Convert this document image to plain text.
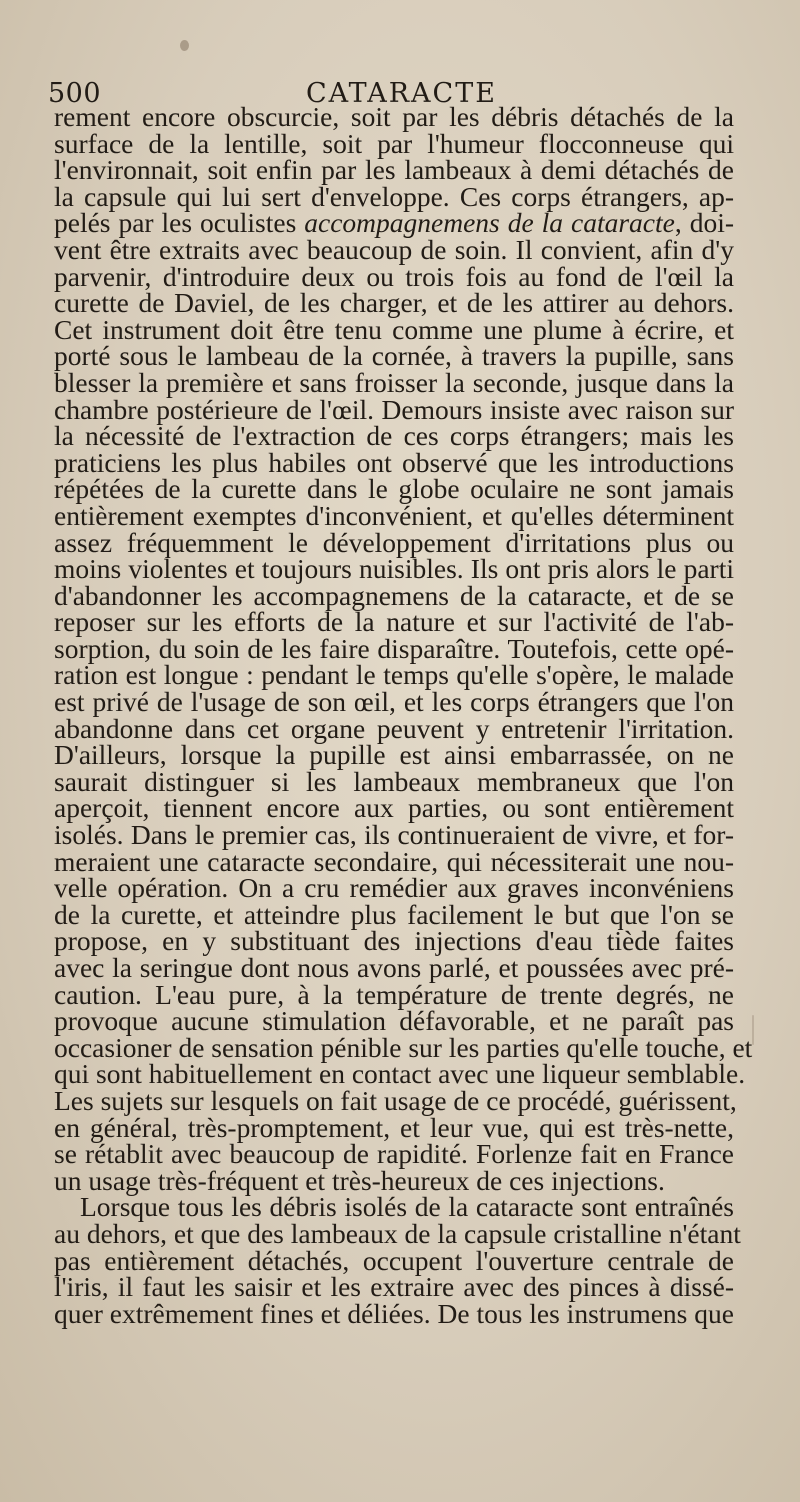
500	CATARACTE
rement encore obscurcie, soit par les débris détachés de la
surface de la lentille, soit par l'humeur flocconneuse qui
l'environnait, soit enfin par les lambeaux à demi détachés de
la capsule qui lui sert d'enveloppe. Ces corps étrangers, ap-
pelés par les oculistes accompagnemens de la cataracte, doi-
vent être extraits avec beaucoup de soin. Il convient, afin d'y
parvenir, d'introduire deux ou trois fois au fond de l'œil la
curette de Daviel, de les charger, et de les attirer au dehors.
Cet instrument doit être tenu comme une plume à écrire, et
porté sous le lambeau de la cornée, à travers la pupille, sans
blesser la première et sans froisser la seconde, jusque dans la
chambre postérieure de l'œil. Demours insiste avec raison sur
la nécessité de l'extraction de ces corps étrangers; mais les
praticiens les plus habiles ont observé que les introductions
répétées de la curette dans le globe oculaire ne sont jamais
entièrement exemptes d'inconvénient, et qu'elles déterminent
assez fréquemment le développement d'irritations plus ou
moins violentes et toujours nuisibles. Ils ont pris alors le parti
d'abandonner les accompagnemens de la cataracte, et de se
reposer sur les efforts de la nature et sur l'activité de l'ab-
sorption, du soin de les faire disparaître. Toutefois, cette opé-
ration est longue : pendant le temps qu'elle s'opère, le malade
est privé de l'usage de son œil, et les corps étrangers que l'on
abandonne dans cet organe peuvent y entretenir l'irritation.
D'ailleurs, lorsque la pupille est ainsi embarrassée, on ne
saurait distinguer si les lambeaux membraneux que l'on
aperçoit, tiennent encore aux parties, ou sont entièrement
isolés. Dans le premier cas, ils continueraient de vivre, et for-
meraient une cataracte secondaire, qui nécessiterait une nou-
velle opération. On a cru remédier aux graves inconvéniens
de la curette, et atteindre plus facilement le but que l'on se
propose, en y substituant des injections d'eau tiède faites
avec la seringue dont nous avons parlé, et poussées avec pré-
caution. L'eau pure, à la température de trente degrés, ne
provoque aucune stimulation défavorable, et ne paraît pas
occasioner de sensation pénible sur les parties qu'elle touche, et
qui sont habituellement en contact avec une liqueur semblable.
Les sujets sur lesquels on fait usage de ce procédé, guérissent,
en général, très-promptement, et leur vue, qui est très-nette,
se rétablit avec beaucoup de rapidité. Forlenze fait en France
un usage très-fréquent et très-heureux de ces injections.
Lorsque tous les débris isolés de la cataracte sont entraînés
au dehors, et que des lambeaux de la capsule cristalline n'étant
pas entièrement détachés, occupent l'ouverture centrale de
l'iris, il faut les saisir et les extraire avec des pinces à dissé-
quer extrêmement fines et déliées. De tous les instrumens que
